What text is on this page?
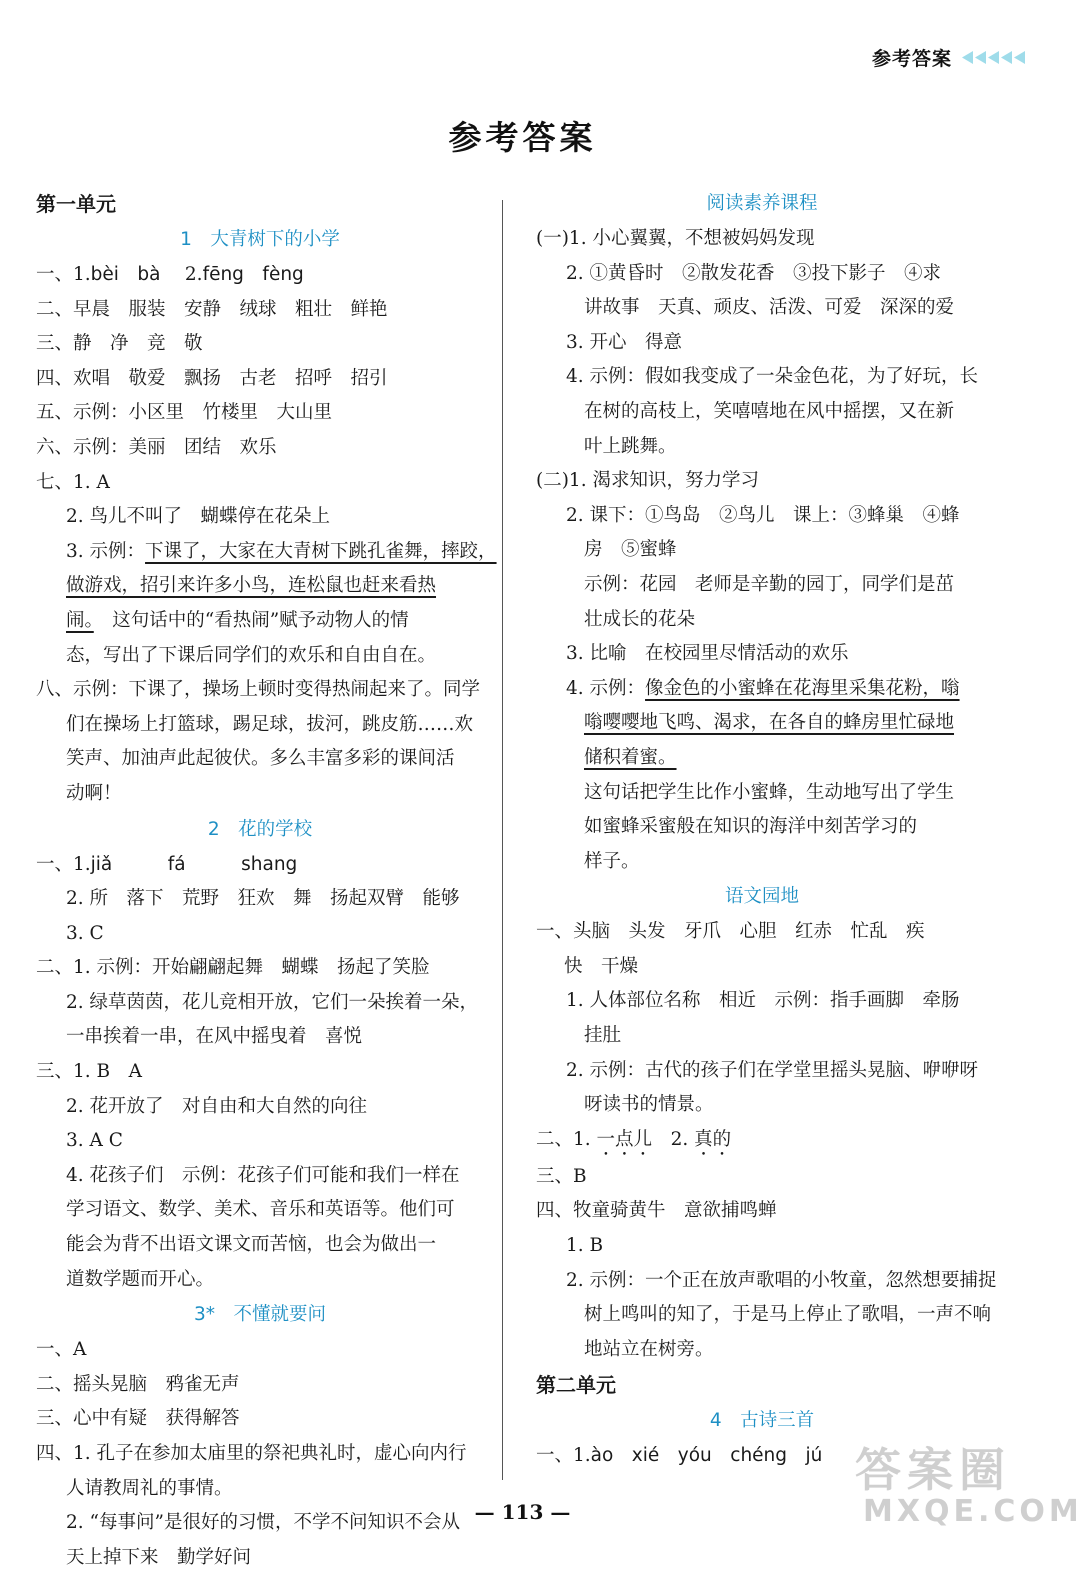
参考答案
参考答案
第一单元
1　大青树下的小学
一、1.bèi　bà　 2.fēng　fèng
二、早晨　服装　安静　绒球　粗壮　鲜艳
三、静　净　竞　敬
四、欢唱　敬爱　飘扬　古老　招呼　招引
五、示例：小区里　竹楼里　大山里
六、示例：美丽　团结　欢乐
七、1. A
2. 鸟儿不叫了　蝴蝶停在花朵上
3. 示例：下课了，大家在大青树下跳孔雀舞，摔跤，
做游戏，招引来许多小鸟，连松鼠也赶来看热
闹。　这句话中的“看热闹”赋予动物人的情
态，写出了下课后同学们的欢乐和自由自在。
八、示例：下课了，操场上顿时变得热闹起来了。同学
们在操场上打篮球，踢足球，拔河，跳皮筋……欢
笑声、加油声此起彼伏。多么丰富多彩的课间活
动啊！
2　花的学校
一、1.jiǎ　　　fá　　　shang
2. 所　落下　荒野　狂欢　舞　扬起双臂　能够
3. C
二、1. 示例：开始翩翩起舞　蝴蝶　扬起了笑脸
2. 绿草茵茵，花儿竞相开放，它们一朵挨着一朵，
一串挨着一串，在风中摇曳着　喜悦
三、1. B　A
2. 花开放了　对自由和大自然的向往
3. A C
4. 花孩子们　示例：花孩子们可能和我们一样在
学习语文、数学、美术、音乐和英语等。他们可
能会为背不出语文课文而苦恼，也会为做出一
道数学题而开心。
3*　不懂就要问
一、A
二、摇头晃脑　鸦雀无声
三、心中有疑　获得解答
四、1. 孔子在参加太庙里的祭祀典礼时，虚心向内行
人请教周礼的事情。
2. “每事问”是很好的习惯，不学不问知识不会从
天上掉下来　勤学好问
阅读素养课程
(一)1. 小心翼翼，不想被妈妈发现
2. ①黄昏时　②散发花香　③投下影子　④求
讲故事　天真、顽皮、活泼、可爱　深深的爱
3. 开心　得意
4. 示例：假如我变成了一朵金色花，为了好玩，长
在树的高枝上，笑嘻嘻地在风中摇摆，又在新
叶上跳舞。
(二)1. 渴求知识，努力学习
2. 课下：①鸟岛　②鸟儿　课上：③蜂巢　④蜂
房　⑤蜜蜂
示例：花园　老师是辛勤的园丁，同学们是茁
壮成长的花朵
3. 比喻　在校园里尽情活动的欢乐
4. 示例：像金色的小蜜蜂在花海里采集花粉，嗡
嗡嘤嘤地飞鸣、渴求，在各自的蜂房里忙碌地
储积着蜜。
这句话把学生比作小蜜蜂，生动地写出了学生
如蜜蜂采蜜般在知识的海洋中刻苦学习的
样子。
语文园地
一、头脑　头发　牙爪　心胆　红赤　忙乱　疾
快　干燥
1. 人体部位名称　相近　示例：指手画脚　牵肠
挂肚
2. 示例：古代的孩子们在学堂里摇头晃脑、咿咿呀
呀读书的情景。
二、1. 一点儿　2. 真的
三、B
四、牧童骑黄牛　意欲捕鸣蝉
1. B
2. 示例：一个正在放声歌唱的小牧童，忽然想要捕捉
树上鸣叫的知了，于是马上停止了歌唱，一声不响
地站立在树旁。
第二单元
4　古诗三首
一、1.ào　xié　yóu　chéng　jú
— 113 —
答案圈
MXQE.COM
